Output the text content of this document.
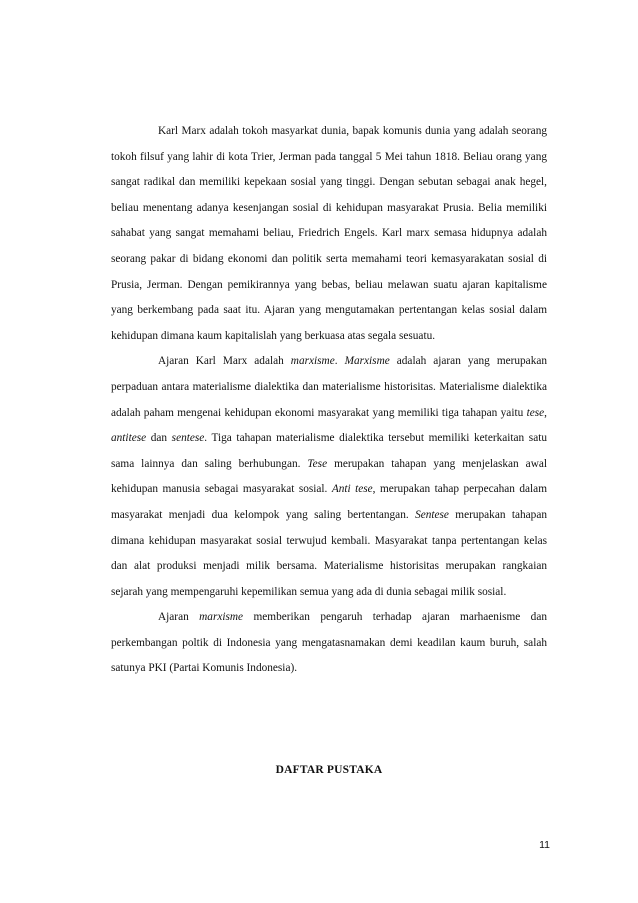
Karl Marx adalah tokoh masyarkat dunia, bapak komunis dunia yang adalah seorang tokoh filsuf yang lahir di kota Trier, Jerman pada tanggal 5 Mei tahun 1818. Beliau orang yang sangat radikal dan memiliki kepekaan sosial yang tinggi. Dengan sebutan sebagai anak hegel, beliau menentang adanya kesenjangan sosial di kehidupan masyarakat Prusia. Belia memiliki sahabat yang sangat memahami beliau, Friedrich Engels. Karl marx semasa hidupnya adalah seorang pakar di bidang ekonomi dan politik serta memahami teori kemasyarakatan sosial di Prusia, Jerman. Dengan pemikirannya yang bebas, beliau melawan suatu ajaran kapitalisme yang berkembang pada saat itu. Ajaran yang mengutamakan pertentangan kelas sosial dalam kehidupan dimana kaum kapitalislah yang berkuasa atas segala sesuatu.

Ajaran Karl Marx adalah marxisme. Marxisme adalah ajaran yang merupakan perpaduan antara materialisme dialektika dan materialisme historisitas. Materialisme dialektika adalah paham mengenai kehidupan ekonomi masyarakat yang memiliki tiga tahapan yaitu tese, antitese dan sentese. Tiga tahapan materialisme dialektika tersebut memiliki keterkaitan satu sama lainnya dan saling berhubungan. Tese merupakan tahapan yang menjelaskan awal kehidupan manusia sebagai masyarakat sosial. Anti tese, merupakan tahap perpecahan dalam masyarakat menjadi dua kelompok yang saling bertentangan. Sentese merupakan tahapan dimana kehidupan masyarakat sosial terwujud kembali. Masyarakat tanpa pertentangan kelas dan alat produksi menjadi milik bersama. Materialisme historisitas merupakan rangkaian sejarah yang mempengaruhi kepemilikan semua yang ada di dunia sebagai milik sosial.

Ajaran marxisme memberikan pengaruh terhadap ajaran marhaenisme dan perkembangan poltik di Indonesia yang mengatasnamakan demi keadilan kaum buruh, salah satunya PKI (Partai Komunis Indonesia).

DAFTAR PUSTAKA
11
